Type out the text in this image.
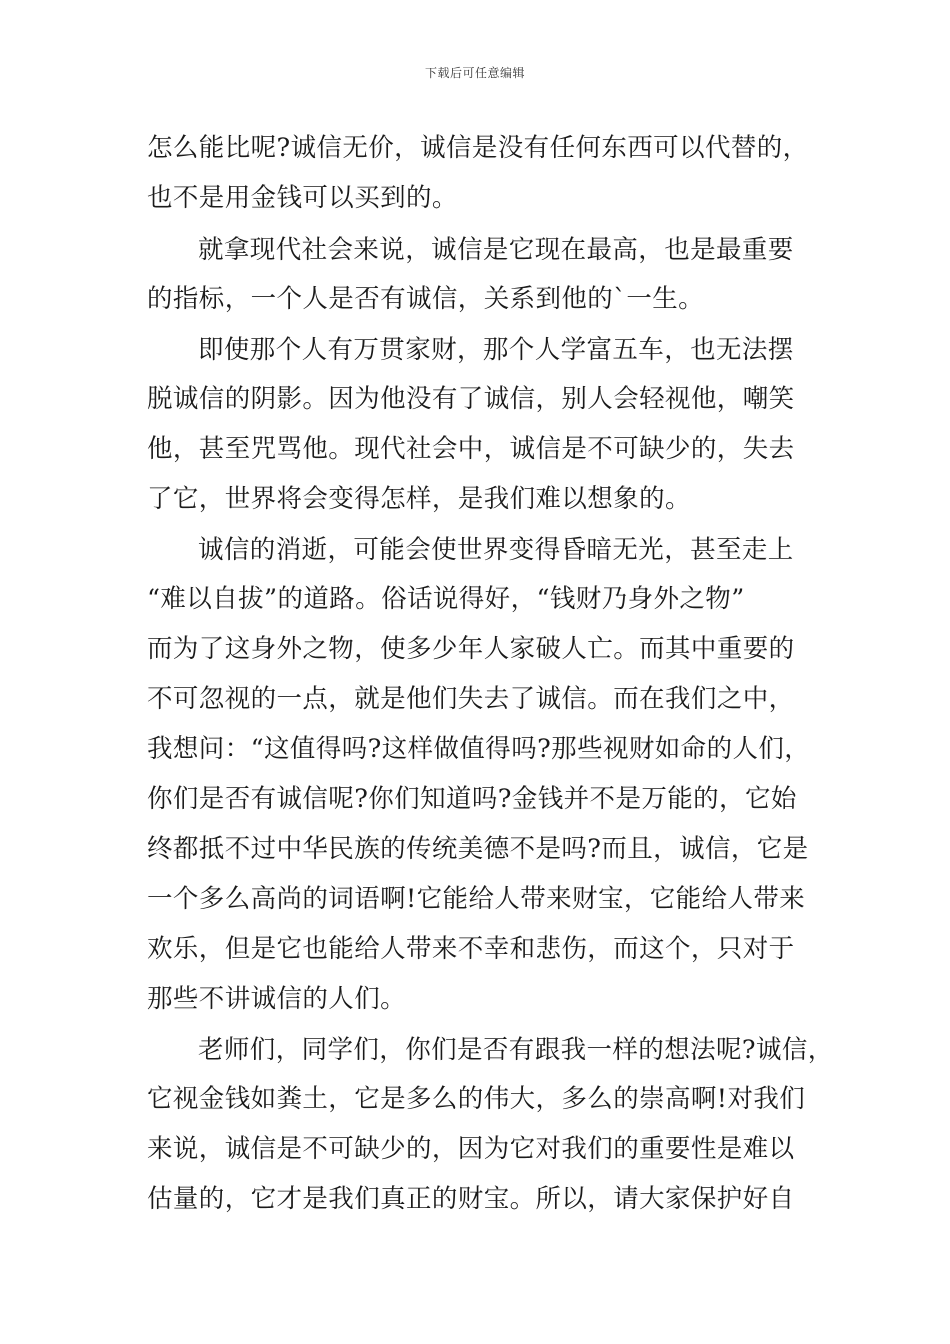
下载后可任意编辑
怎么能比呢?诚信无价，诚信是没有任何东西可以代替的，
也不是用金钱可以买到的。
就拿现代社会来说，诚信是它现在最高，也是最重要
的指标，一个人是否有诚信，关系到他的`一生。
即使那个人有万贯家财，那个人学富五车，也无法摆
脱诚信的阴影。因为他没有了诚信，别人会轻视他，嘲笑
他，甚至咒骂他。现代社会中，诚信是不可缺少的，失去
了它，世界将会变得怎样，是我们难以想象的。
诚信的消逝，可能会使世界变得昏暗无光，甚至走上
“难以自拔”的道路。俗话说得好，“钱财乃身外之物”
而为了这身外之物，使多少年人家破人亡。而其中重要的
不可忽视的一点，就是他们失去了诚信。而在我们之中，
我想问：“这值得吗?这样做值得吗?那些视财如命的人们，
你们是否有诚信呢?你们知道吗?金钱并不是万能的，它始
终都抵不过中华民族的传统美德不是吗?而且，诚信，它是
一个多么高尚的词语啊!它能给人带来财宝，它能给人带来
欢乐，但是它也能给人带来不幸和悲伤，而这个，只对于
那些不讲诚信的人们。
老师们，同学们，你们是否有跟我一样的想法呢?诚信，
它视金钱如粪土，它是多么的伟大，多么的崇高啊!对我们
来说，诚信是不可缺少的，因为它对我们的重要性是难以
估量的，它才是我们真正的财宝。所以，请大家保护好自
